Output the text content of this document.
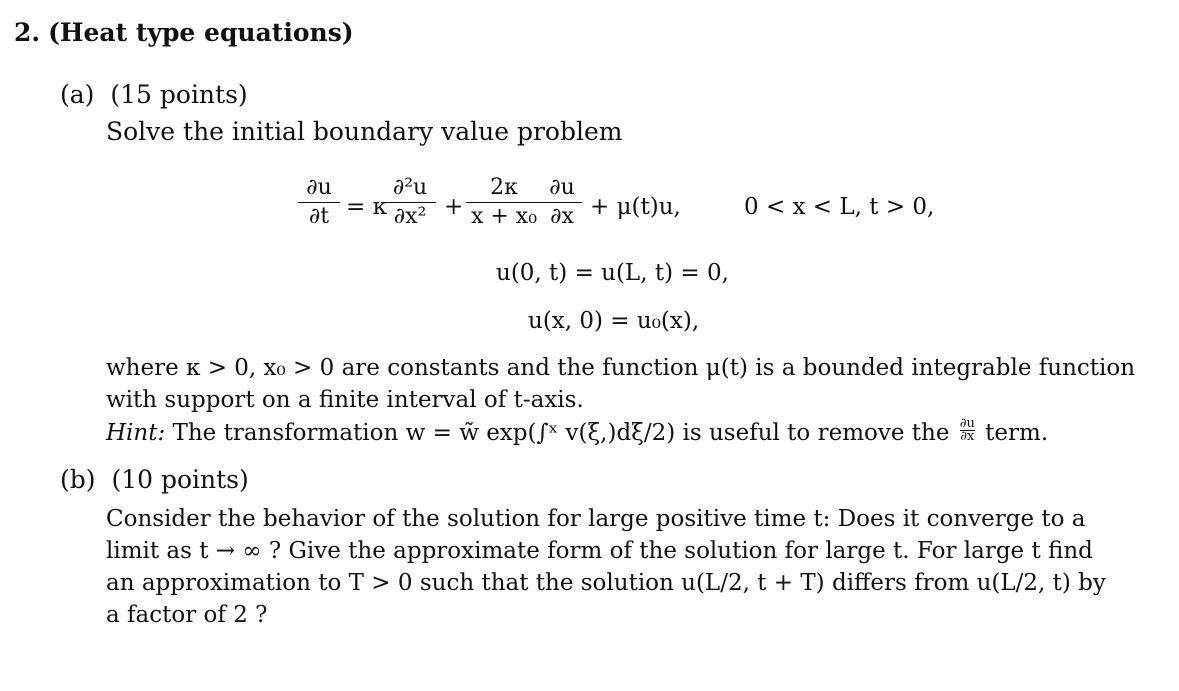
2. (Heat type equations)
(a) (15 points)
Solve the initial boundary value problem
∂u
∂t = κ
∂²u
∂x² +
2κ
x + x₀
∂u
∂x + μ(t)u,	0 < x < L, t > 0,
u(0, t) = u(L, t) = 0,
u(x, 0) = u₀(x),
where κ > 0, x₀ > 0 are constants and the function μ(t) is a bounded integrable function
with support on a finite interval of t-axis.
Hint: The transformation w = w̃ exp(∫ˣ v(ξ,)dξ/2) is useful to remove the $\frac{\partial u}{\partial x}$ term.
(b) (10 points)
Consider the behavior of the solution for large positive time t: Does it converge to a
limit as t → ∞ ? Give the approximate form of the solution for large t. For large t find
an approximation to T > 0 such that the solution u(L/2, t + T) differs from u(L/2, t) by
a factor of 2 ?
